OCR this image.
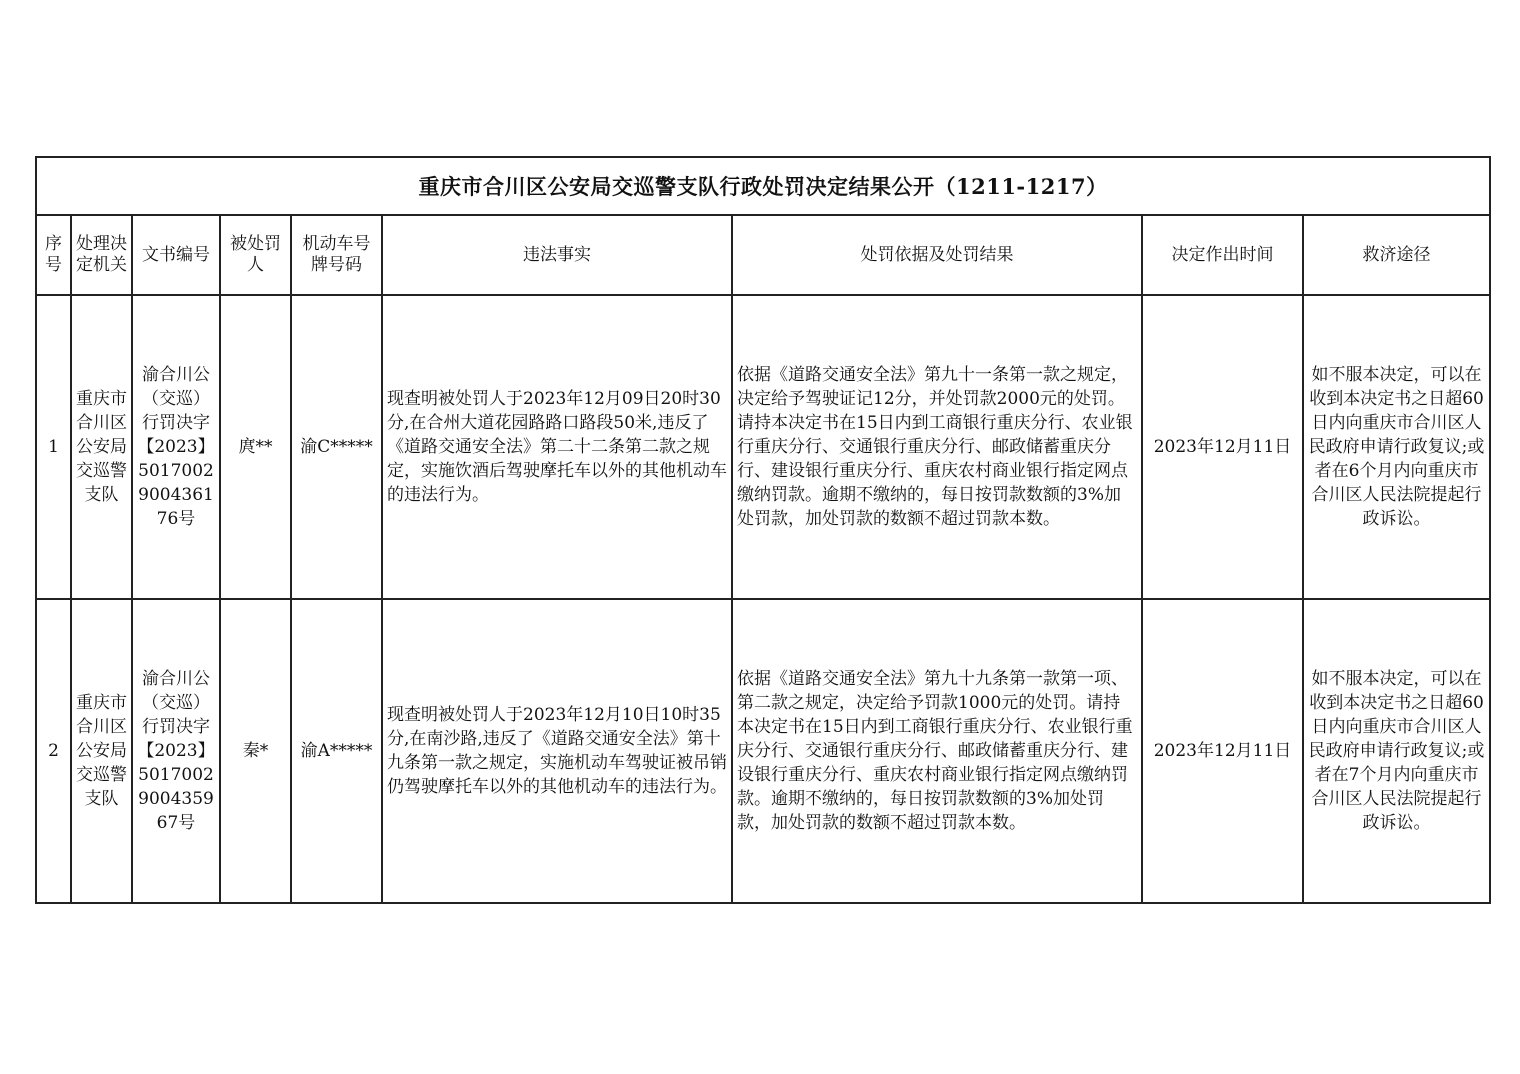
重庆市合川区公安局交巡警支队行政处罚决定结果公开（1211-1217）								
序号	处理决定机关	文书编号	被处罚人	机动车号牌号码	违法事实	处罚依据及处罚结果	决定作出时间	救济途径
1	重庆市合川区公安局交巡警支队	渝合川公（交巡）行罚决字【2023】5017002900436176号	庹**	渝C*****	现查明被处罚人于2023年12月09日20时30分,在合州大道花园路路口路段50米,违反了《道路交通安全法》第二十二条第二款之规定，实施饮酒后驾驶摩托车以外的其他机动车的违法行为。	依据《道路交通安全法》第九十一条第一款之规定，决定给予驾驶证记12分，并处罚款2000元的处罚。请持本决定书在15日内到工商银行重庆分行、农业银行重庆分行、交通银行重庆分行、邮政储蓄重庆分行、建设银行重庆分行、重庆农村商业银行指定网点缴纳罚款。逾期不缴纳的，每日按罚款数额的3%加处罚款，加处罚款的数额不超过罚款本数。	2023年12月11日	如不服本决定，可以在收到本决定书之日超60日内向重庆市合川区人民政府申请行政复议;或者在6个月内向重庆市合川区人民法院提起行政诉讼。
2	重庆市合川区公安局交巡警支队	渝合川公（交巡）行罚决字【2023】5017002900435967号	秦*	渝A*****	现查明被处罚人于2023年12月10日10时35分,在南沙路,违反了《道路交通安全法》第十九条第一款之规定，实施机动车驾驶证被吊销仍驾驶摩托车以外的其他机动车的违法行为。	依据《道路交通安全法》第九十九条第一款第一项、第二款之规定，决定给予罚款1000元的处罚。请持本决定书在15日内到工商银行重庆分行、农业银行重庆分行、交通银行重庆分行、邮政储蓄重庆分行、建设银行重庆分行、重庆农村商业银行指定网点缴纳罚款。逾期不缴纳的，每日按罚款数额的3%加处罚款，加处罚款的数额不超过罚款本数。	2023年12月11日	如不服本决定，可以在收到本决定书之日超60日内向重庆市合川区人民政府申请行政复议;或者在7个月内向重庆市合川区人民法院提起行政诉讼。
